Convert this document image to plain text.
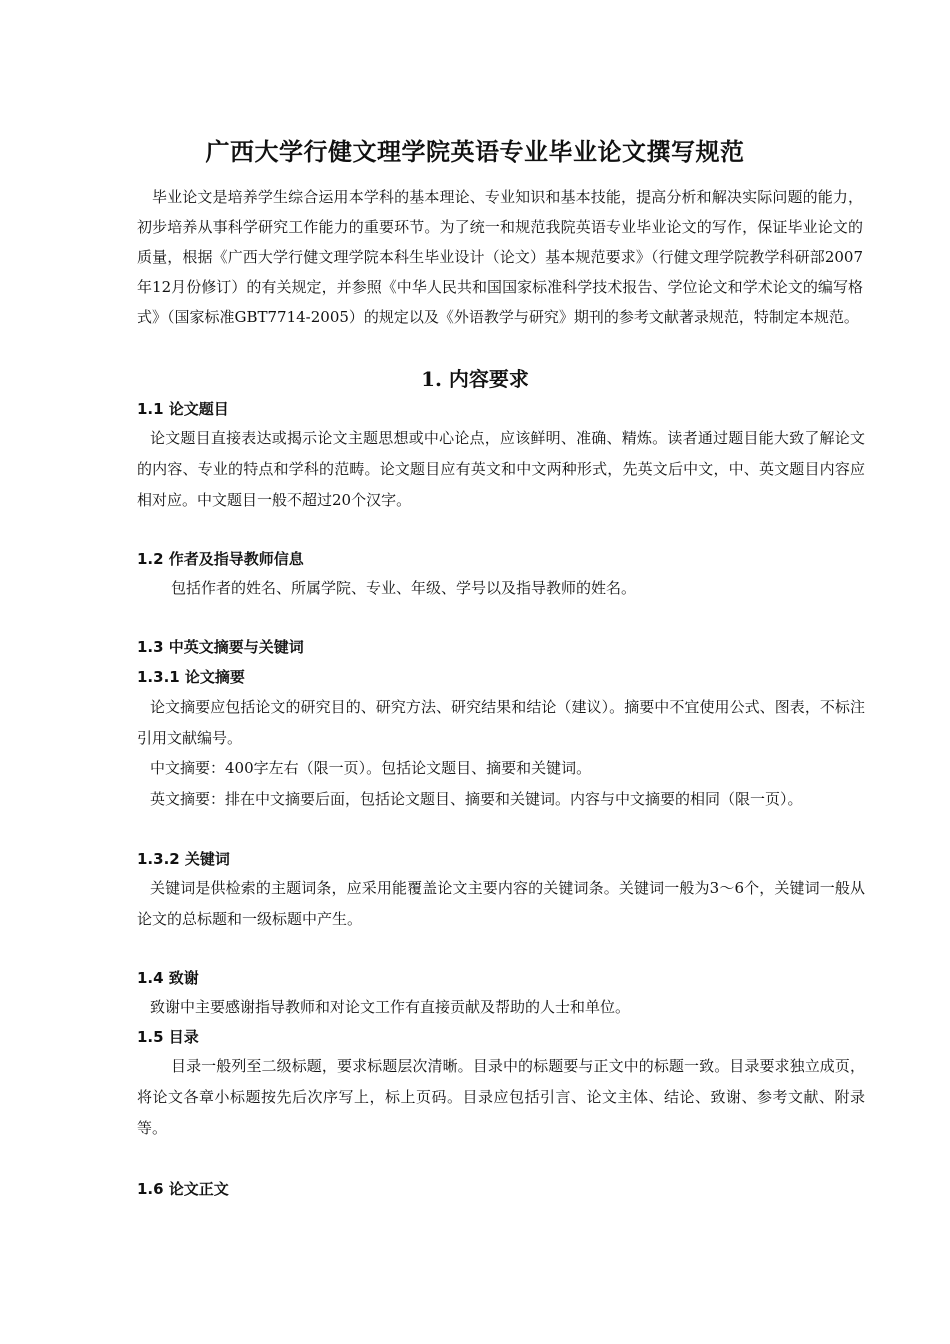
广西大学行健文理学院英语专业毕业论文撰写规范

毕业论文是培养学生综合运用本学科的基本理论、专业知识和基本技能，提高分析和解决实际问题的能力，初步培养从事科学研究工作能力的重要环节。为了统一和规范我院英语专业毕业论文的写作，保证毕业论文的质量，根据《广西大学行健文理学院本科生毕业设计（论文）基本规范要求》（行健文理学院教学科研部2007年12月份修订）的有关规定，并参照《中华人民共和国国家标准科学技术报告、学位论文和学术论文的编写格式》（国家标准GBT7714-2005）的规定以及《外语教学与研究》期刊的参考文献著录规范，特制定本规范。

1. 内容要求
1.1 论文题目

论文题目直接表达或揭示论文主题思想或中心论点，应该鲜明、准确、精炼。读者通过题目能大致了解论文的内容、专业的特点和学科的范畴。论文题目应有英文和中文两种形式，先英文后中文，中、英文题目内容应相对应。中文题目一般不超过20个汉字。

1.2 作者及指导教师信息

包括作者的姓名、所属学院、专业、年级、学号以及指导教师的姓名。

1.3 中英文摘要与关键词
1.3.1 论文摘要

论文摘要应包括论文的研究目的、研究方法、研究结果和结论（建议）。摘要中不宜使用公式、图表，不标注引用文献编号。

中文摘要：400字左右（限一页）。包括论文题目、摘要和关键词。

英文摘要：排在中文摘要后面，包括论文题目、摘要和关键词。内容与中文摘要的相同（限一页）。

1.3.2 关键词

关键词是供检索的主题词条，应采用能覆盖论文主要内容的关键词条。关键词一般为3～6个，关键词一般从论文的总标题和一级标题中产生。

1.4 致谢

致谢中主要感谢指导教师和对论文工作有直接贡献及帮助的人士和单位。

1.5 目录

目录一般列至二级标题，要求标题层次清晰。目录中的标题要与正文中的标题一致。目录要求独立成页，将论文各章小标题按先后次序写上，标上页码。目录应包括引言、论文主体、结论、致谢、参考文献、附录等。

1.6 论文正文
